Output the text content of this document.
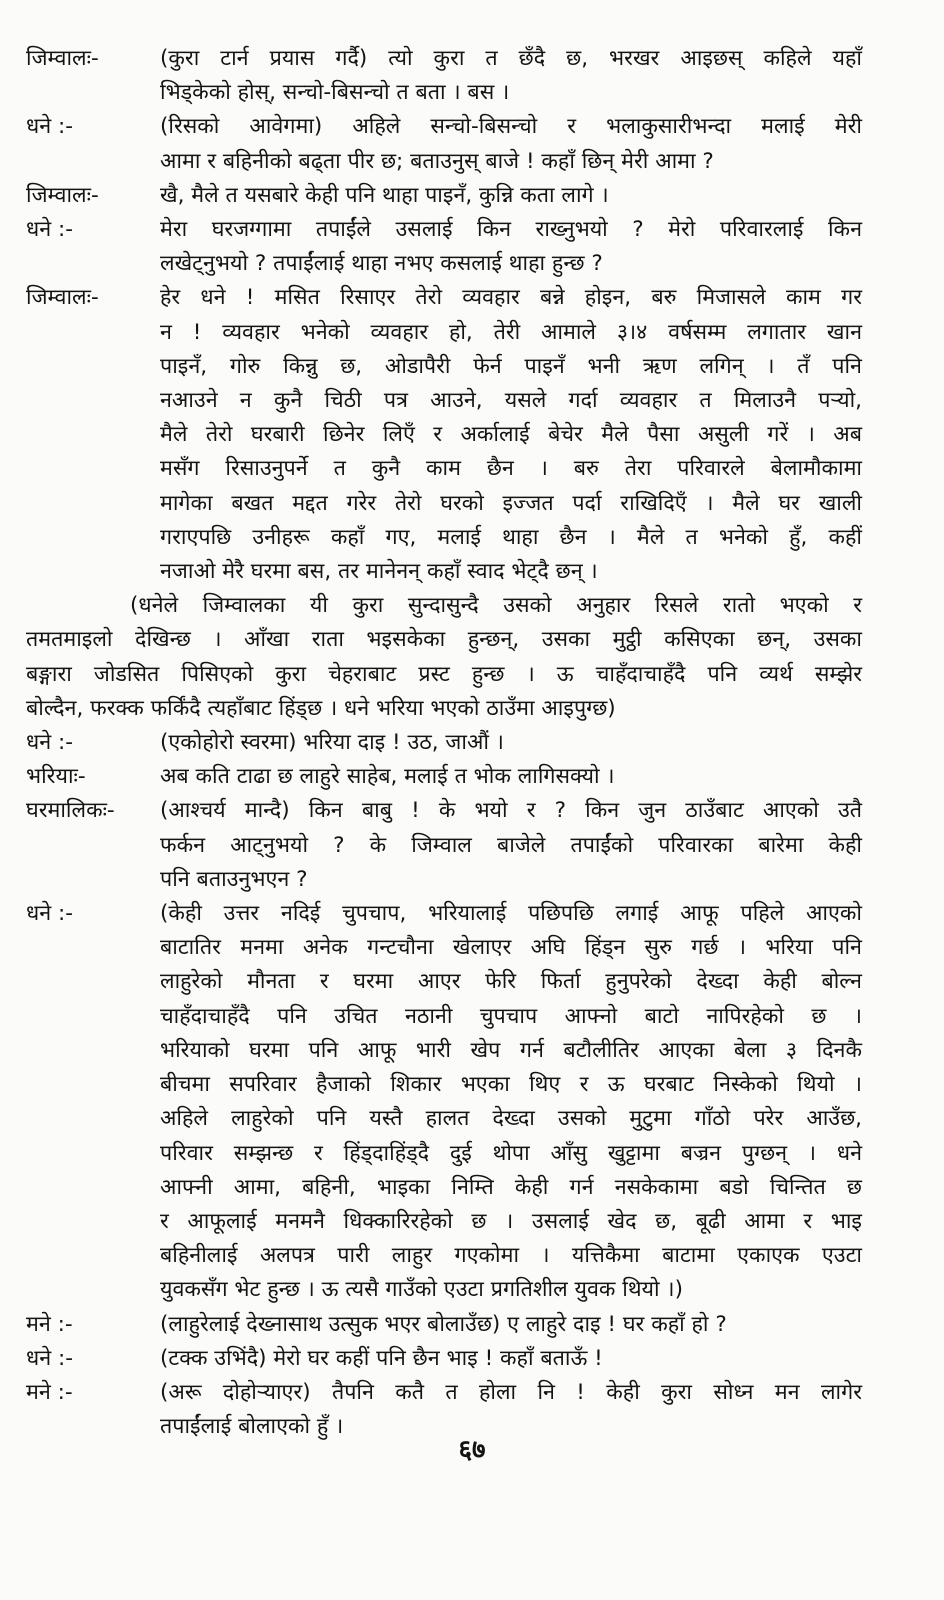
जिम्वालः-	(कुरा टार्न प्रयास गर्दै) त्यो कुरा त छँदै छ, भरखर आइछस् कहिले यहाँ
भिड्केको होस्, सन्चो-बिसन्चो त बता । बस ।
धने :-	(रिसको आवेगमा) अहिले सन्चो-बिसन्चो र भलाकुसारीभन्दा मलाई मेरी
आमा र बहिनीको बढ्ता पीर छ; बताउनुस् बाजे ! कहाँ छिन् मेरी आमा ?
जिम्वालः-	खै, मैले त यसबारे केही पनि थाहा पाइनँ, कुन्नि कता लागे ।
धने :-	मेरा घरजग्गामा तपाईंले उसलाई किन राख्नुभयो ? मेरो परिवारलाई किन
लखेट्नुभयो ? तपाईंलाई थाहा नभए कसलाई थाहा हुन्छ ?
जिम्वालः-	हेर धने ! मसित रिसाएर तेरो व्यवहार बन्ने होइन, बरु मिजासले काम गर
न ! व्यवहार भनेको व्यवहार हो, तेरी आमाले ३।४ वर्षसम्म लगातार खान
पाइनँ, गोरु किन्नु छ, ओडापैरी फेर्न पाइनँ भनी ऋण लगिन् । तँ पनि
नआउने न कुनै चिठी पत्र आउने, यसले गर्दा व्यवहार त मिलाउनै पर्‍यो,
मैले तेरो घरबारी छिनेर लिएँ र अर्कालाई बेचेर मैले पैसा असुली गरें । अब
मसँग रिसाउनुपर्ने त कुनै काम छैन । बरु तेरा परिवारले बेलामौकामा
मागेका बखत मद्दत गरेर तेरो घरको इज्जत पर्दा राखिदिएँ । मैले घर खाली
गराएपछि उनीहरू कहाँ गए, मलाई थाहा छैन । मैले त भनेको हुँ, कहीं
नजाओ मेरै घरमा बस, तर मानेनन् कहाँ स्वाद भेट्दै छन् ।
(धनेले जिम्वालका यी कुरा सुन्दासुन्दै उसको अनुहार रिसले रातो भएको र
तमतमाइलो देखिन्छ । आँखा राता भइसकेका हुन्छन्, उसका मुट्ठी कसिएका छन्, उसका
बङ्गारा जोडसित पिसिएको कुरा चेहराबाट प्रस्ट हुन्छ । ऊ चाहँदाचाहँदै पनि व्यर्थ सम्झेर
बोल्दैन, फरक्क फर्किंदै त्यहाँबाट हिंड्छ । धने भरिया भएको ठाउँमा आइपुग्छ)
धने :-	(एकोहोरो स्वरमा) भरिया दाइ ! उठ, जाऔं ।
भरियाः-	अब कति टाढा छ लाहुरे साहेब, मलाई त भोक लागिसक्यो ।
घरमालिकः-	(आश्चर्य मान्दै) किन बाबु ! के भयो र ? किन जुन ठाउँबाट आएको उतै
फर्कन आट्नुभयो ? के जिम्वाल बाजेले तपाईंको परिवारका बारेमा केही
पनि बताउनुभएन ?
धने :-	(केही उत्तर नदिई चुपचाप, भरियालाई पछिपछि लगाई आफू पहिले आएको
बाटातिर मनमा अनेक गन्टचौना खेलाएर अघि हिंड्न सुरु गर्छ । भरिया पनि
लाहुरेको मौनता र घरमा आएर फेरि फिर्ता हुनुपरेको देख्दा केही बोल्न
चाहँदाचाहँदै पनि उचित नठानी चुपचाप आफ्नो बाटो नापिरहेको छ ।
भरियाको घरमा पनि आफू भारी खेप गर्न बटौलीतिर आएका बेला ३ दिनकै
बीचमा सपरिवार हैजाको शिकार भएका थिए र ऊ घरबाट निस्केको थियो ।
अहिले लाहुरेको पनि यस्तै हालत देख्दा उसको मुटुमा गाँठो परेर आउँछ,
परिवार सम्झन्छ र हिंड्दाहिंड्दै दुई थोपा आँसु खुट्टामा बज्रन पुग्छन् । धने
आफ्नी आमा, बहिनी, भाइका निम्ति केही गर्न नसकेकामा बडो चिन्तित छ
र आफूलाई मनमनै धिक्कारिरहेको छ । उसलाई खेद छ, बूढी आमा र भाइ
बहिनीलाई अलपत्र पारी लाहुर गएकोमा । यत्तिकैमा बाटामा एकाएक एउटा
युवकसँग भेट हुन्छ । ऊ त्यसै गाउँको एउटा प्रगतिशील युवक थियो ।)
मने :-	(लाहुरेलाई देख्नासाथ उत्सुक भएर बोलाउँछ) ए लाहुरे दाइ ! घर कहाँ हो ?
धने :-	(टक्क उभिंदै) मेरो घर कहीं पनि छैन भाइ ! कहाँ बताऊँ !
मने :-	(अरू दोहोऱ्याएर) तैपनि कतै त होला नि ! केही कुरा सोध्न मन लागेर
तपाईंलाई बोलाएको हुँ ।
६७
